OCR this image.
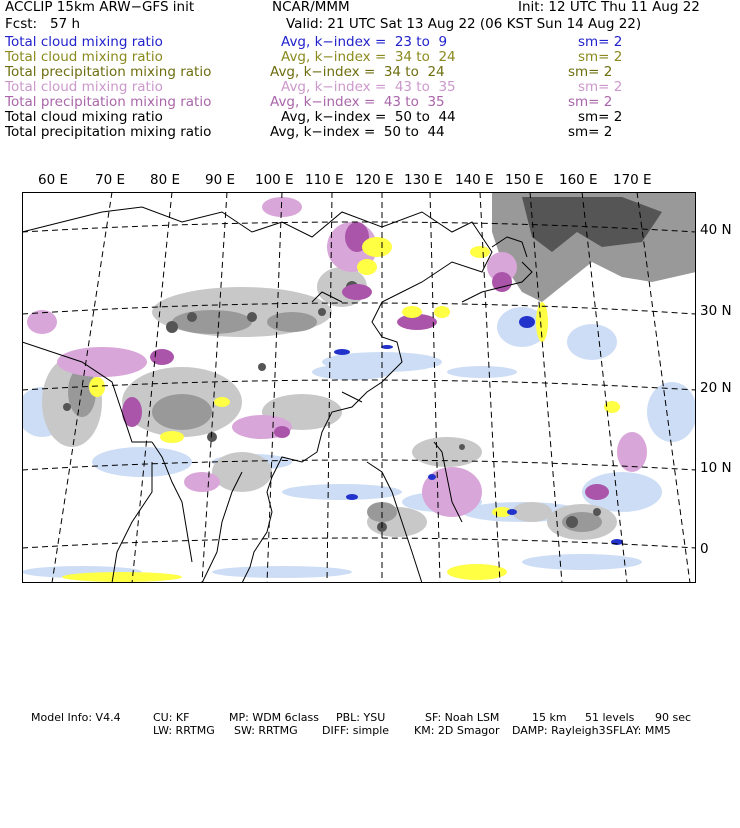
ACCLIP 15km ARW−GFS init	NCAR/MMM	Init: 12 UTC Thu 11 Aug 22
Fcst: 57 h	Valid: 21 UTC Sat 13 Aug 22 (06 KST Sun 14 Aug 22)
Total cloud mixing ratio	Avg, k−index =  23 to  9	sm= 2
Total cloud mixing ratio	Avg, k−index =  34 to  24	sm= 2
Total precipitation mixing ratio	Avg, k−index =  34 to  24	sm= 2
Total cloud mixing ratio	Avg, k−index =  43 to  35	sm= 2
Total precipitation mixing ratio	Avg, k−index =  43 to  35	sm= 2
Total cloud mixing ratio	Avg, k−index =  50 to  44	sm= 2
Total precipitation mixing ratio	Avg, k−index =  50 to  44	sm= 2
60 E 70 E 80 E 90 E 100 E 110 E 120 E 130 E 140 E 150 E 160 E 170 E
40 N
30 N
20 N
10 N
0

Model Info: V4.4

	CU: KF

	MP: WDM 6class

PBL: YSU

	SF: Noah LSM

	15 km

51 levels

90 sec

LW: RRTMG

SW: RRTMG

DIFF: simple

KM: 2D Smagor

DAMP: Rayleigh3

SFLAY: MM5
